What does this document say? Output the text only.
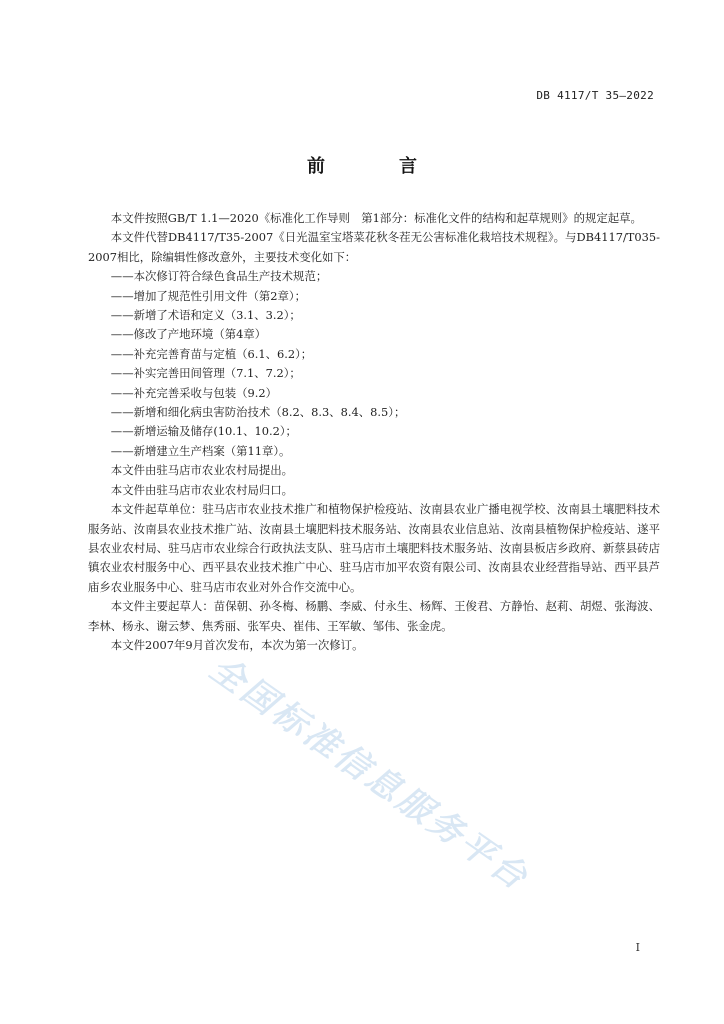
DB 4117/T 35—2022
前　言

本文件按照GB/T 1.1—2020《标准化工作导则　第1部分：标准化文件的结构和起草规则》的规定起草。

本文件代替DB4117/T35-2007《日光温室宝塔菜花秋冬茬无公害标准化栽培技术规程》。与DB4117/T035-2007相比，除编辑性修改意外，主要技术变化如下：

——本次修订符合绿色食品生产技术规范；

——增加了规范性引用文件（第2章）；

——新增了术语和定义（3.1、3.2）；

——修改了产地环境（第4章）

——补充完善育苗与定植（6.1、6.2）；

——补实完善田间管理（7.1、7.2）；

——补充完善采收与包装（9.2）

——新增和细化病虫害防治技术（8.2、8.3、8.4、8.5）；

——新增运输及储存(10.1、10.2）；

——新增建立生产档案（第11章）。

本文件由驻马店市农业农村局提出。

本文件由驻马店市农业农村局归口。

本文件起草单位：驻马店市农业技术推广和植物保护检疫站、汝南县农业广播电视学校、汝南县土壤肥料技术服务站、汝南县农业技术推广站、汝南县土壤肥料技术服务站、汝南县农业信息站、汝南县植物保护检疫站、遂平县农业农村局、驻马店市农业综合行政执法支队、驻马店市土壤肥料技术服务站、汝南县板店乡政府、新蔡县砖店镇农业农村服务中心、西平县农业技术推广中心、驻马店市加平农资有限公司、汝南县农业经营指导站、西平县芦庙乡农业服务中心、驻马店市农业对外合作交流中心。

本文件主要起草人：苗保朝、孙冬梅、杨鹏、李威、付永生、杨辉、王俊君、方静怡、赵莉、胡煜、张海波、李林、杨永、谢云梦、焦秀丽、张军央、崔伟、王军敏、邹伟、张金虎。

本文件2007年9月首次发布，本次为第一次修订。

全国标准信息服务平台
I
